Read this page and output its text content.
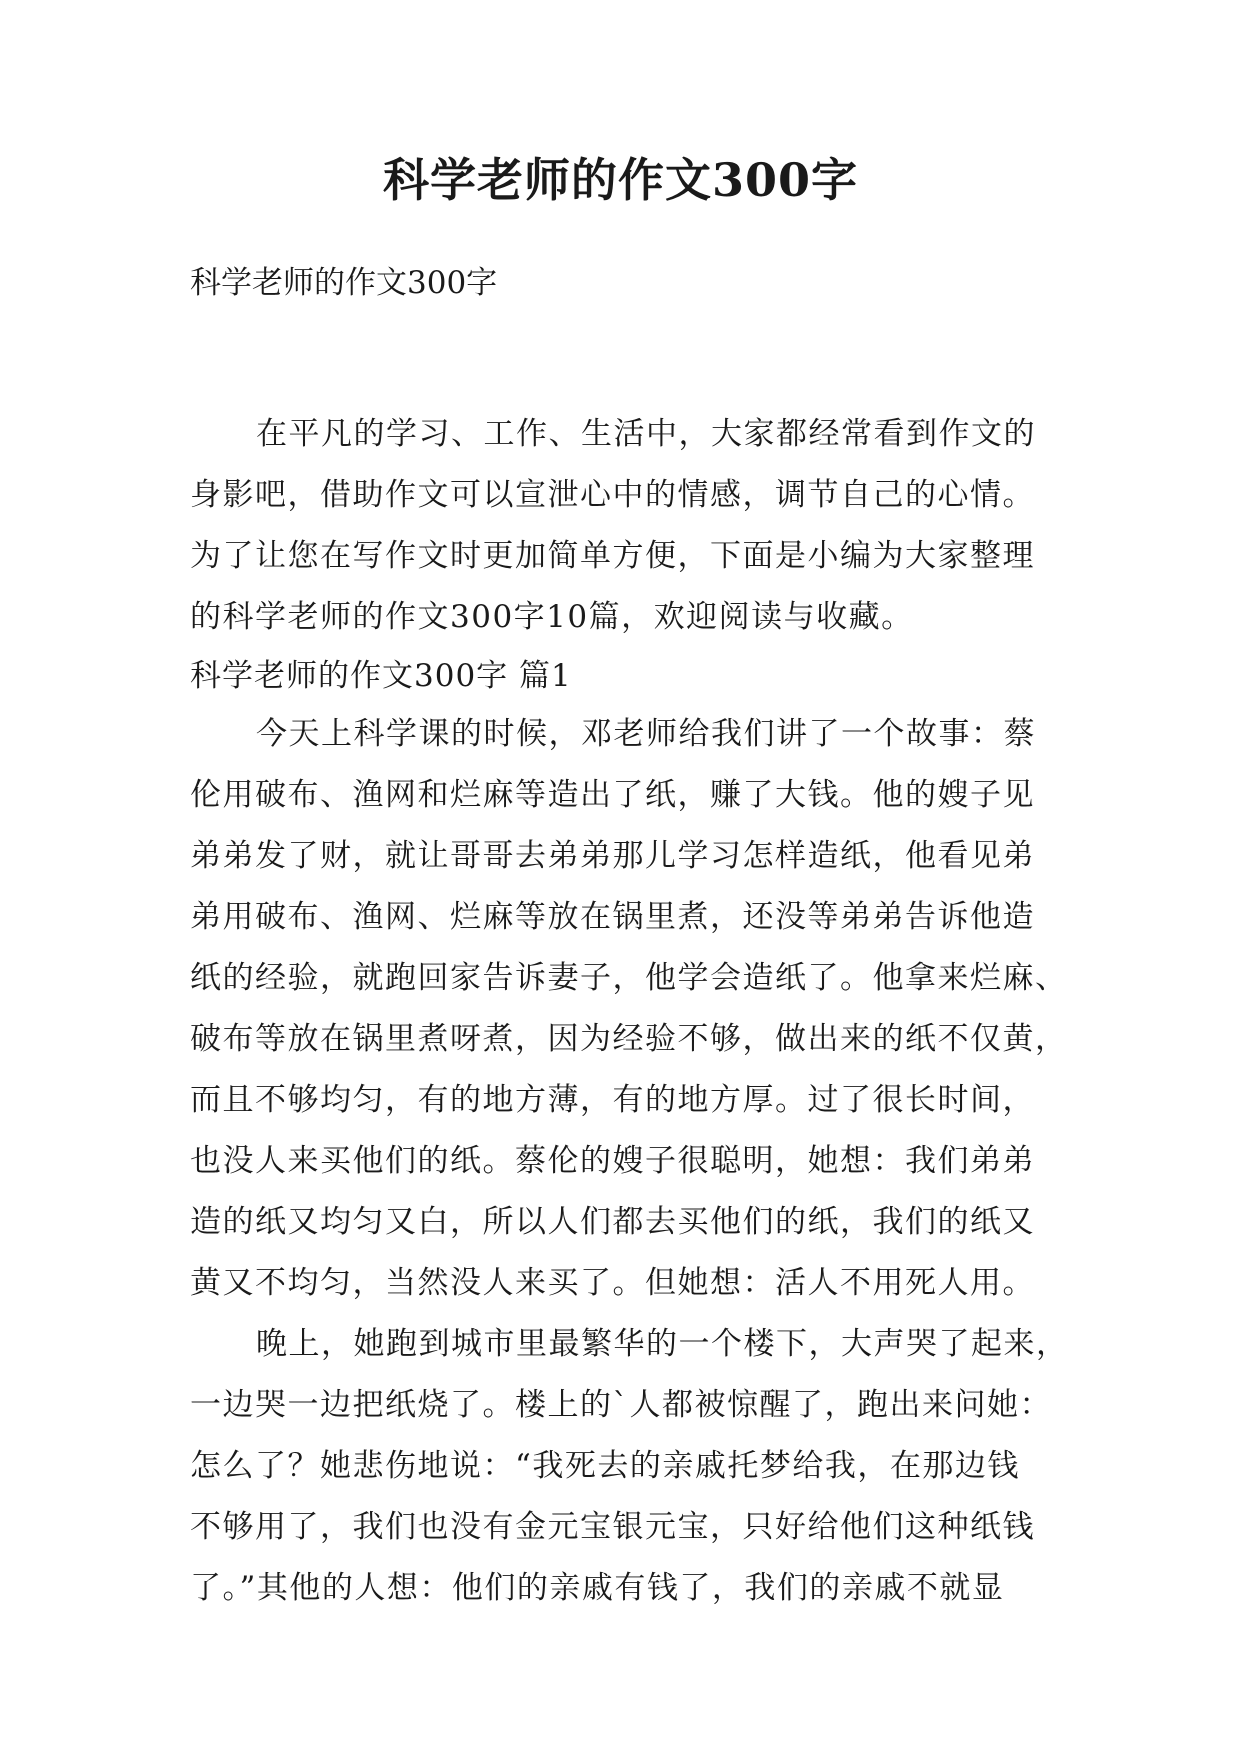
科学老师的作文300字

科学老师的作文300字

在平凡的学习、工作、生活中，大家都经常看到作文的
身影吧，借助作文可以宣泄心中的情感，调节自己的心情。
为了让您在写作文时更加简单方便，下面是小编为大家整理
的科学老师的作文300字10篇，欢迎阅读与收藏。
科学老师的作文300字 篇1
今天上科学课的时候，邓老师给我们讲了一个故事：蔡
伦用破布、渔网和烂麻等造出了纸，赚了大钱。他的嫂子见
弟弟发了财，就让哥哥去弟弟那儿学习怎样造纸，他看见弟
弟用破布、渔网、烂麻等放在锅里煮，还没等弟弟告诉他造
纸的经验，就跑回家告诉妻子，他学会造纸了。他拿来烂麻、
破布等放在锅里煮呀煮，因为经验不够，做出来的纸不仅黄，
而且不够均匀，有的地方薄，有的地方厚。过了很长时间，
也没人来买他们的纸。蔡伦的嫂子很聪明，她想：我们弟弟
造的纸又均匀又白，所以人们都去买他们的纸，我们的纸又
黄又不均匀，当然没人来买了。但她想：活人不用死人用。
晚上，她跑到城市里最繁华的一个楼下，大声哭了起来，
一边哭一边把纸烧了。楼上的`人都被惊醒了，跑出来问她：
怎么了？她悲伤地说：“我死去的亲戚托梦给我，在那边钱
不够用了，我们也没有金元宝银元宝，只好给他们这种纸钱
了。”其他的人想：他们的亲戚有钱了，我们的亲戚不就显
